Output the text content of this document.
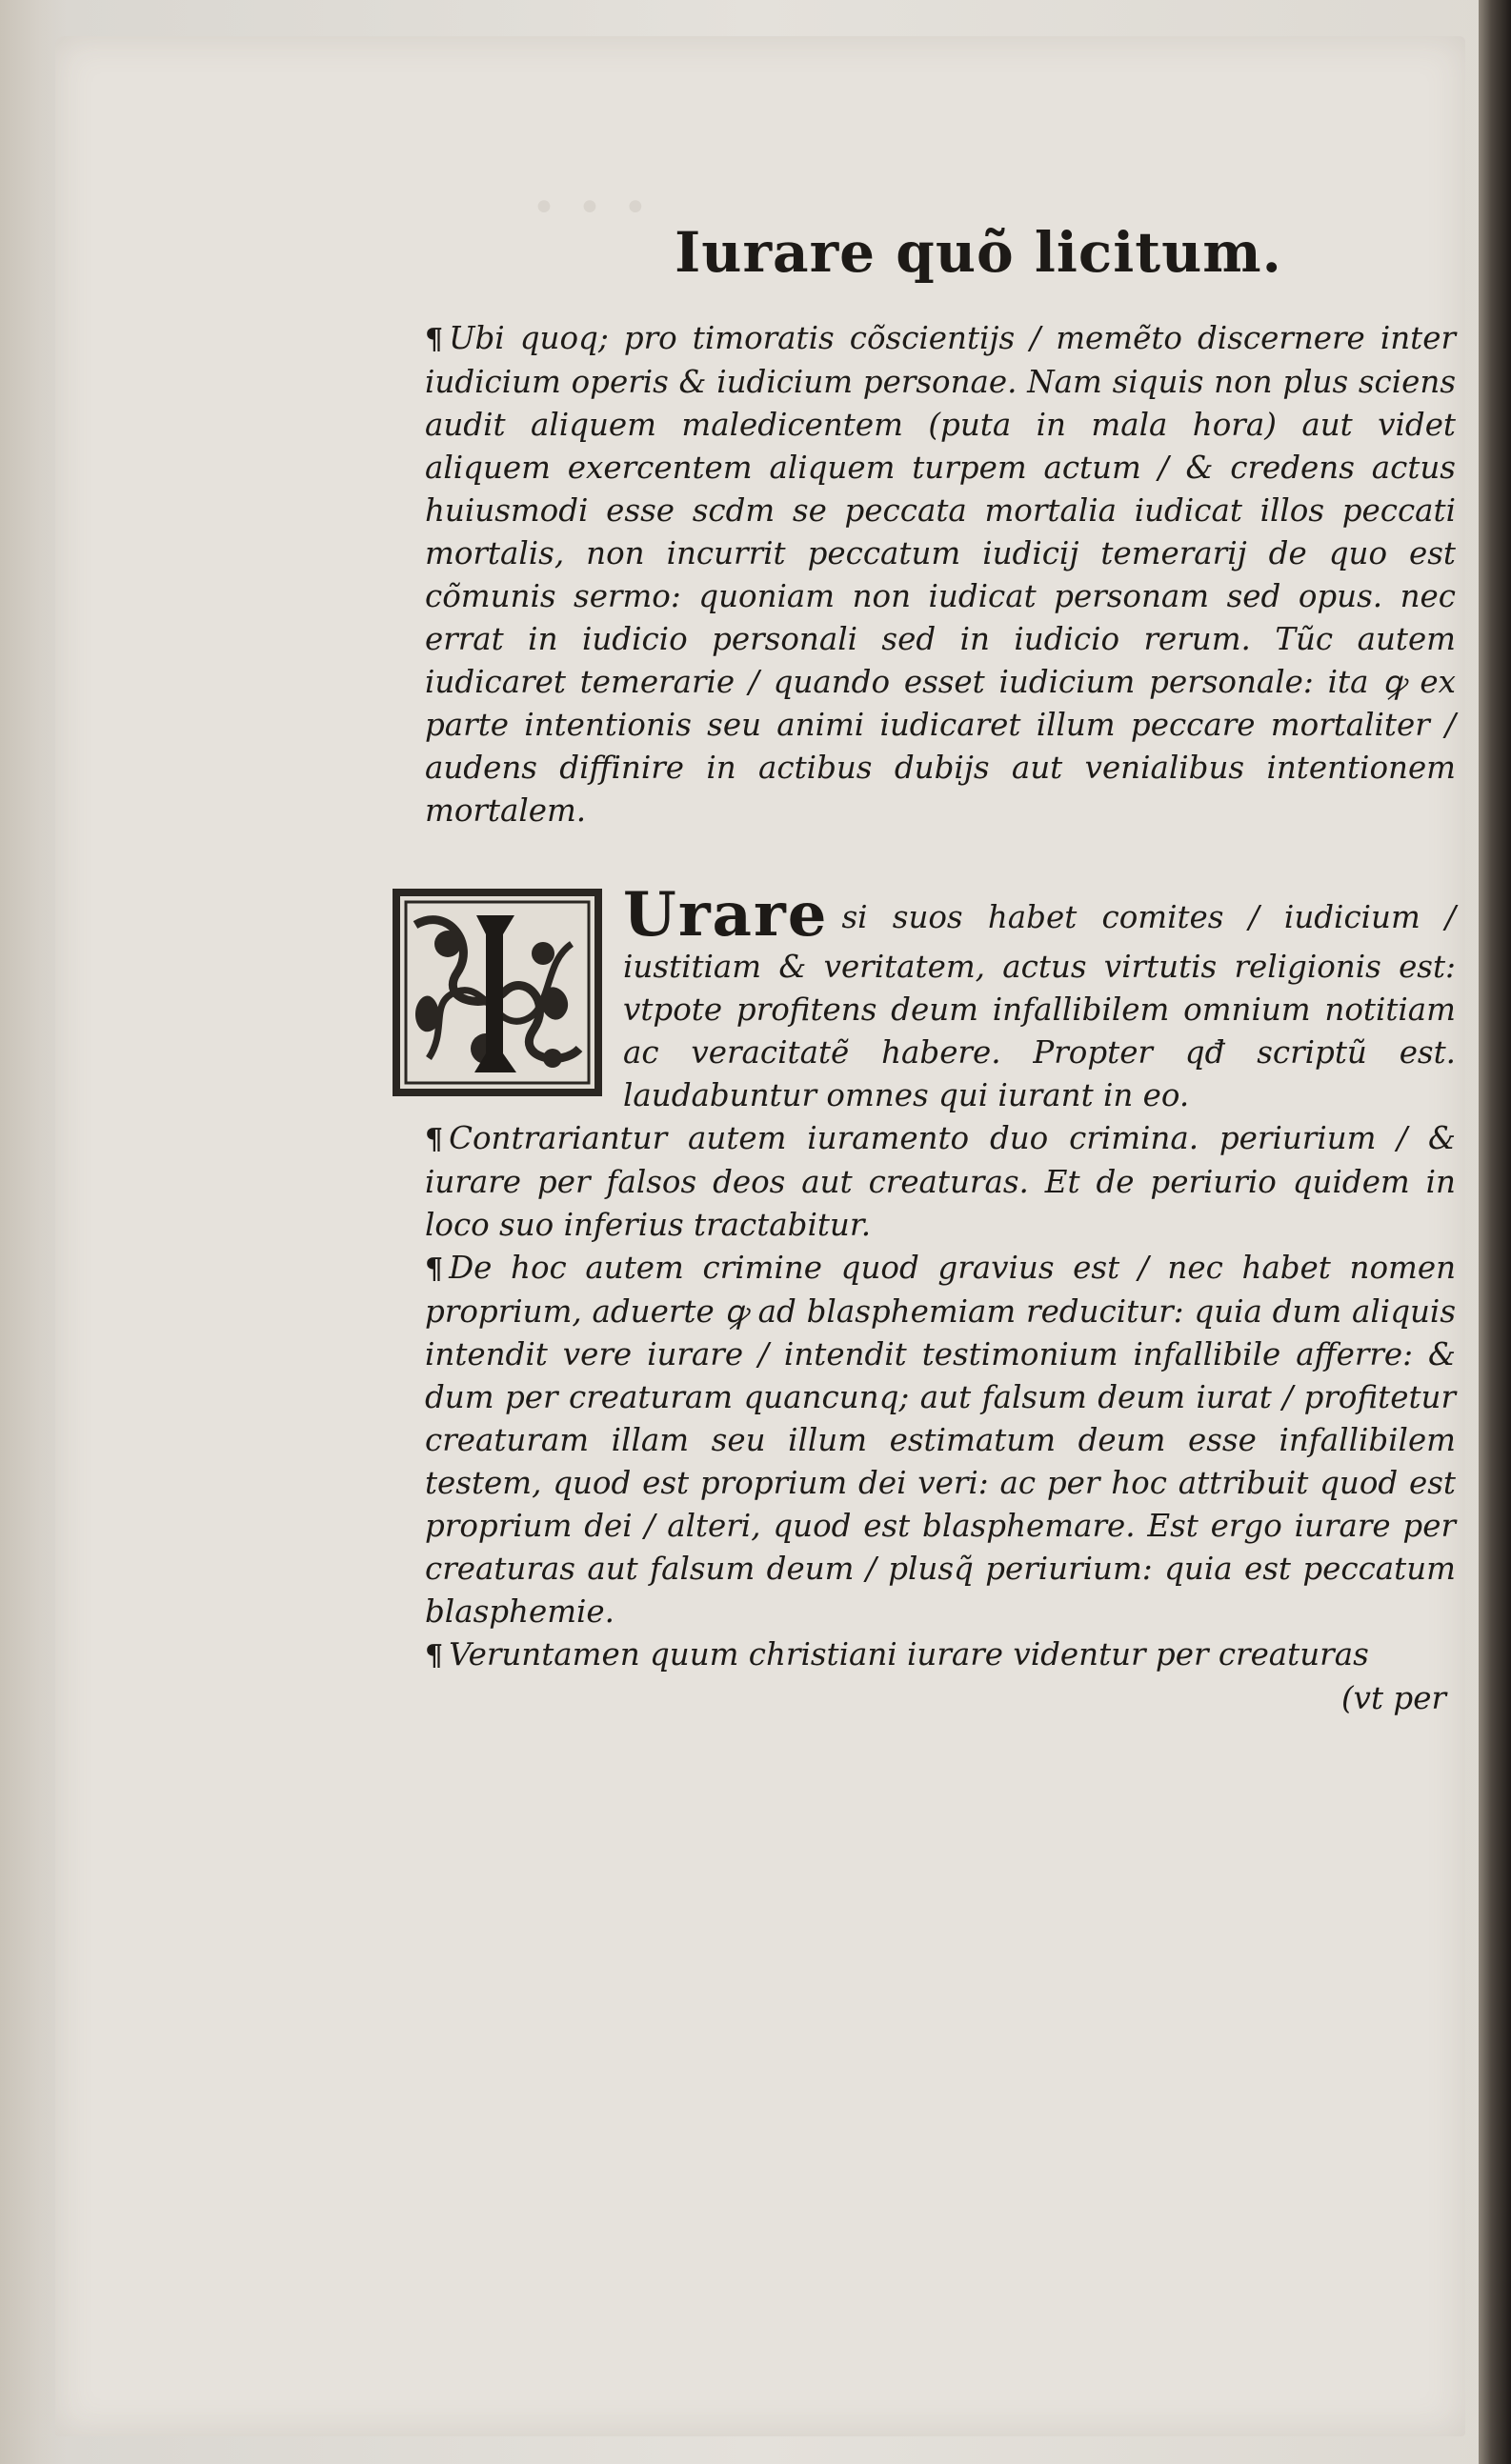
• • •
Iurare quõ licitum.

¶ Ubi quoq; pro timoratis cõscientijs / memẽto discernere inter iudicium operis & iudicium personae. Nam siquis non plus sciens audit aliquem maledicentem (puta in mala hora) aut videt aliquem exercentem aliquem turpem actum / & credens actus huiusmodi esse scdm se peccata mortalia iudicat illos peccati mortalis, non incurrit peccatum iudicij temerarij de quo est cõmunis sermo: quoniam non iudicat personam sed opus. nec errat in iudicio personali sed in iudicio rerum. Tũc autem iudicaret temerarie / quando esset iudicium personale: ita ꝙ ex parte intentionis seu animi iudicaret illum peccare mortaliter / audens diffinire in actibus dubijs aut venialibus intentionem mortalem.

Urare si suos habet comites / iudicium / iustitiam & veritatem, actus virtutis religionis est: vtpote profitens deum infallibilem omnium notitiam ac veracitatẽ habere. Propter qđ scriptũ est. laudabuntur omnes qui iurant in eo.

¶ Contrariantur autem iuramento duo crimina. periurium / & iurare per falsos deos aut creaturas. Et de periurio quidem in loco suo inferius tractabitur.

¶ De hoc autem crimine quod gravius est / nec habet nomen proprium, aduerte ꝙ ad blasphemiam reducitur: quia dum aliquis intendit vere iurare / intendit testimonium infallibile afferre: & dum per creaturam quancunq; aut falsum deum iurat / profitetur creaturam illam seu illum estimatum deum esse infallibilem testem, quod est proprium dei veri: ac per hoc attribuit quod est proprium dei / alteri, quod est blasphemare. Est ergo iurare per creaturas aut falsum deum / plusq̃ periurium: quia est peccatum blasphemie.

¶ Veruntamen quum christiani iurare videntur per creaturas

(vt per
